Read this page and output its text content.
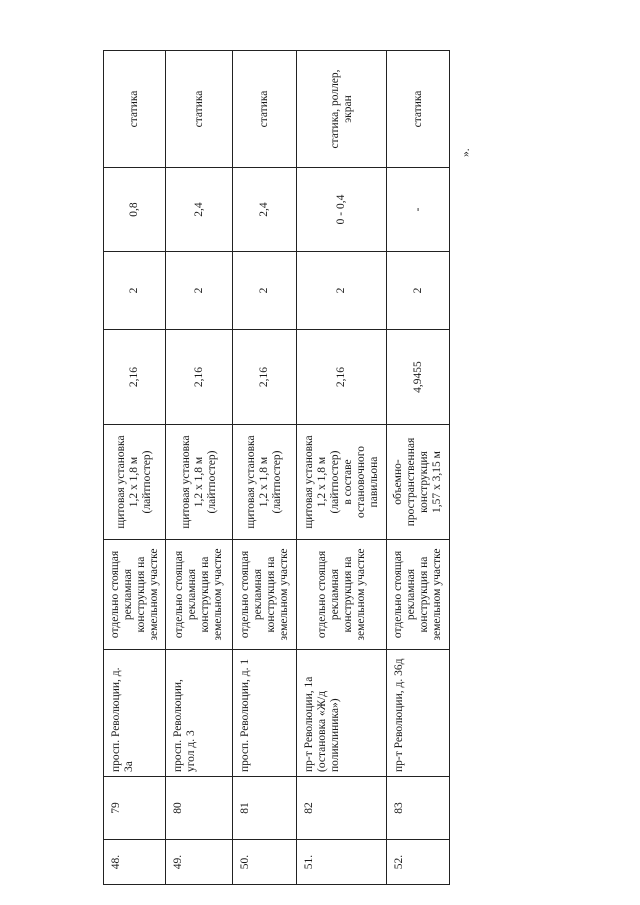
48.
79
просп. Революции, д.
3а
отдельно стоящая
рекламная
конструкция на
земельном участке
щитовая установка
1,2 х 1,8 м
(лайтпостер)
2,16
2
0,8
статика
49.
80
просп. Революции,
угол д. 3
отдельно стоящая
рекламная
конструкция на
земельном участке
щитовая установка
1,2 х 1,8 м
(лайтпостер)
2,16
2
2,4
статика
50.
81
просп. Революции, д. 1
отдельно стоящая
рекламная
конструкция на
земельном участке
щитовая установка
1,2 х 1,8 м
(лайтпостер)
2,16
2
2,4
статика
51.
82
пр-т Революции, 1а
(остановка «Ж/д
поликлиника»)
отдельно стоящая
рекламная
конструкция на
земельном участке
щитовая установка
1,2 х 1,8 м
(лайтпостер)
в составе
остановочного
павильона
2,16
2
0 - 0,4
статика, роллер,
экран
52.
83
пр-т Революции, д. 36д
отдельно стоящая
рекламная
конструкция на
земельном участке
объемно-
пространственная
конструкция
1,57 х 3,15 м
4,9455
2
-
статика
».
